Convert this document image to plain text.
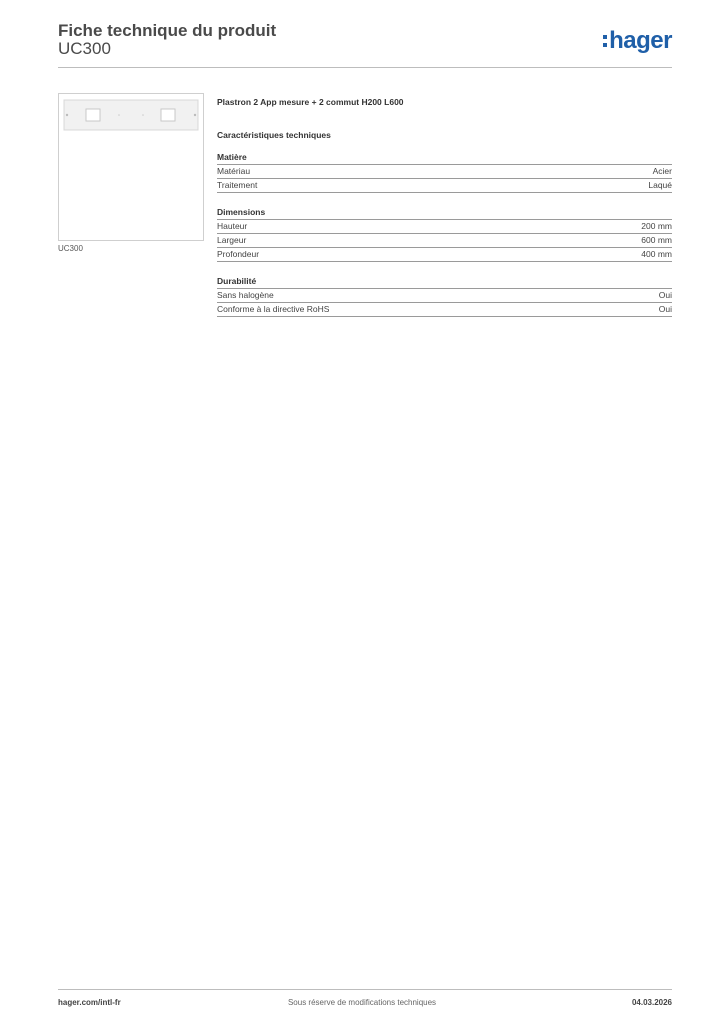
Fiche technique du produit
UC300	hager
UC300
Plastron 2 App mesure + 2 commut H200 L600
Caractéristiques techniques
Matière
Matériau	Acier
Traitement	Laqué
Dimensions
Hauteur	200 mm
Largeur	600 mm
Profondeur	400 mm
Durabilité
Sans halogène	Oui
Conforme à la directive RoHS	Oui
hager.com/intl-fr	Sous réserve de modifications techniques	04.03.2026
